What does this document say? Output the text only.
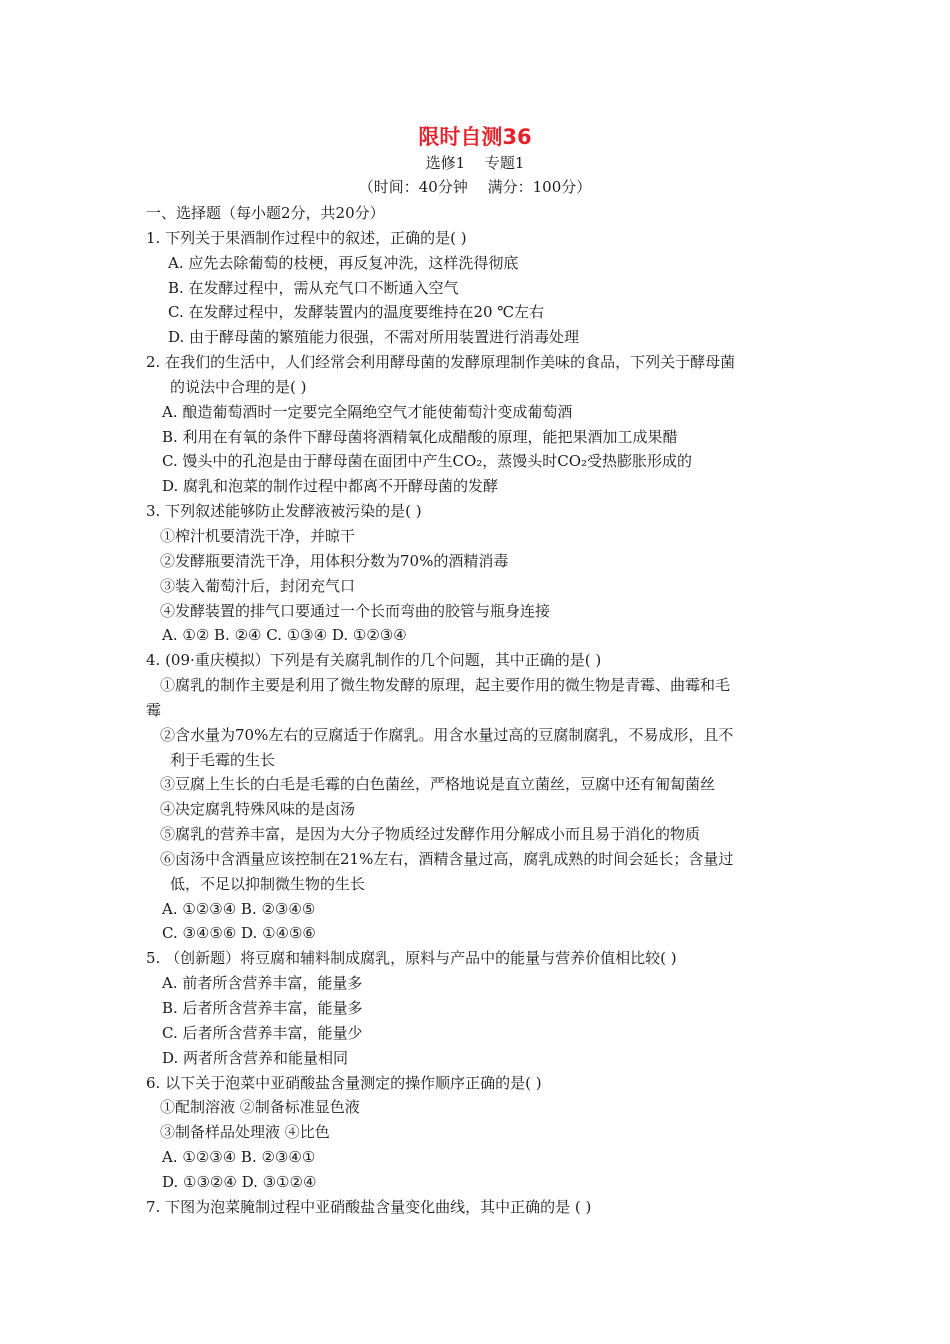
限时自测36
选修1　 专题1
（时间：40分钟　 满分：100分）
一、选择题（每小题2分，共20分）
1. 下列关于果酒制作过程中的叙述，正确的是( )
A. 应先去除葡萄的枝梗，再反复冲洗，这样洗得彻底
B. 在发酵过程中，需从充气口不断通入空气
C. 在发酵过程中，发酵装置内的温度要维持在20 ℃左右
D. 由于酵母菌的繁殖能力很强，不需对所用装置进行消毒处理
2. 在我们的生活中，人们经常会利用酵母菌的发酵原理制作美味的食品，下列关于酵母菌
的说法中合理的是( )
A. 酿造葡萄酒时一定要完全隔绝空气才能使葡萄汁变成葡萄酒
B. 利用在有氧的条件下酵母菌将酒精氧化成醋酸的原理，能把果酒加工成果醋
C. 馒头中的孔泡是由于酵母菌在面团中产生CO₂，蒸馒头时CO₂受热膨胀形成的
D. 腐乳和泡菜的制作过程中都离不开酵母菌的发酵
3. 下列叙述能够防止发酵液被污染的是( )
①榨汁机要清洗干净，并晾干
②发酵瓶要清洗干净，用体积分数为70%的酒精消毒
③装入葡萄汁后，封闭充气口
④发酵装置的排气口要通过一个长而弯曲的胶管与瓶身连接
A. ①② B. ②④ C. ①③④ D. ①②③④
4. (09·重庆模拟）下列是有关腐乳制作的几个问题，其中正确的是( )
①腐乳的制作主要是利用了微生物发酵的原理，起主要作用的微生物是青霉、曲霉和毛
霉
②含水量为70%左右的豆腐适于作腐乳。用含水量过高的豆腐制腐乳，不易成形，且不
利于毛霉的生长
③豆腐上生长的白毛是毛霉的白色菌丝，严格地说是直立菌丝，豆腐中还有匍匐菌丝
④决定腐乳特殊风味的是卤汤
⑤腐乳的营养丰富，是因为大分子物质经过发酵作用分解成小而且易于消化的物质
⑥卤汤中含酒量应该控制在21%左右，酒精含量过高，腐乳成熟的时间会延长；含量过
低，不足以抑制微生物的生长
A. ①②③④ B. ②③④⑤
C. ③④⑤⑥ D. ①④⑤⑥
5. （创新题）将豆腐和辅料制成腐乳，原料与产品中的能量与营养价值相比较( )
A. 前者所含营养丰富，能量多
B. 后者所含营养丰富，能量多
C. 后者所含营养丰富，能量少
D. 两者所含营养和能量相同
6. 以下关于泡菜中亚硝酸盐含量测定的操作顺序正确的是( )
①配制溶液 ②制备标准显色液
③制备样品处理液 ④比色
A. ①②③④ B. ②③④①
D. ①③②④ D. ③①②④
7. 下图为泡菜腌制过程中亚硝酸盐含量变化曲线，其中正确的是 ( )
